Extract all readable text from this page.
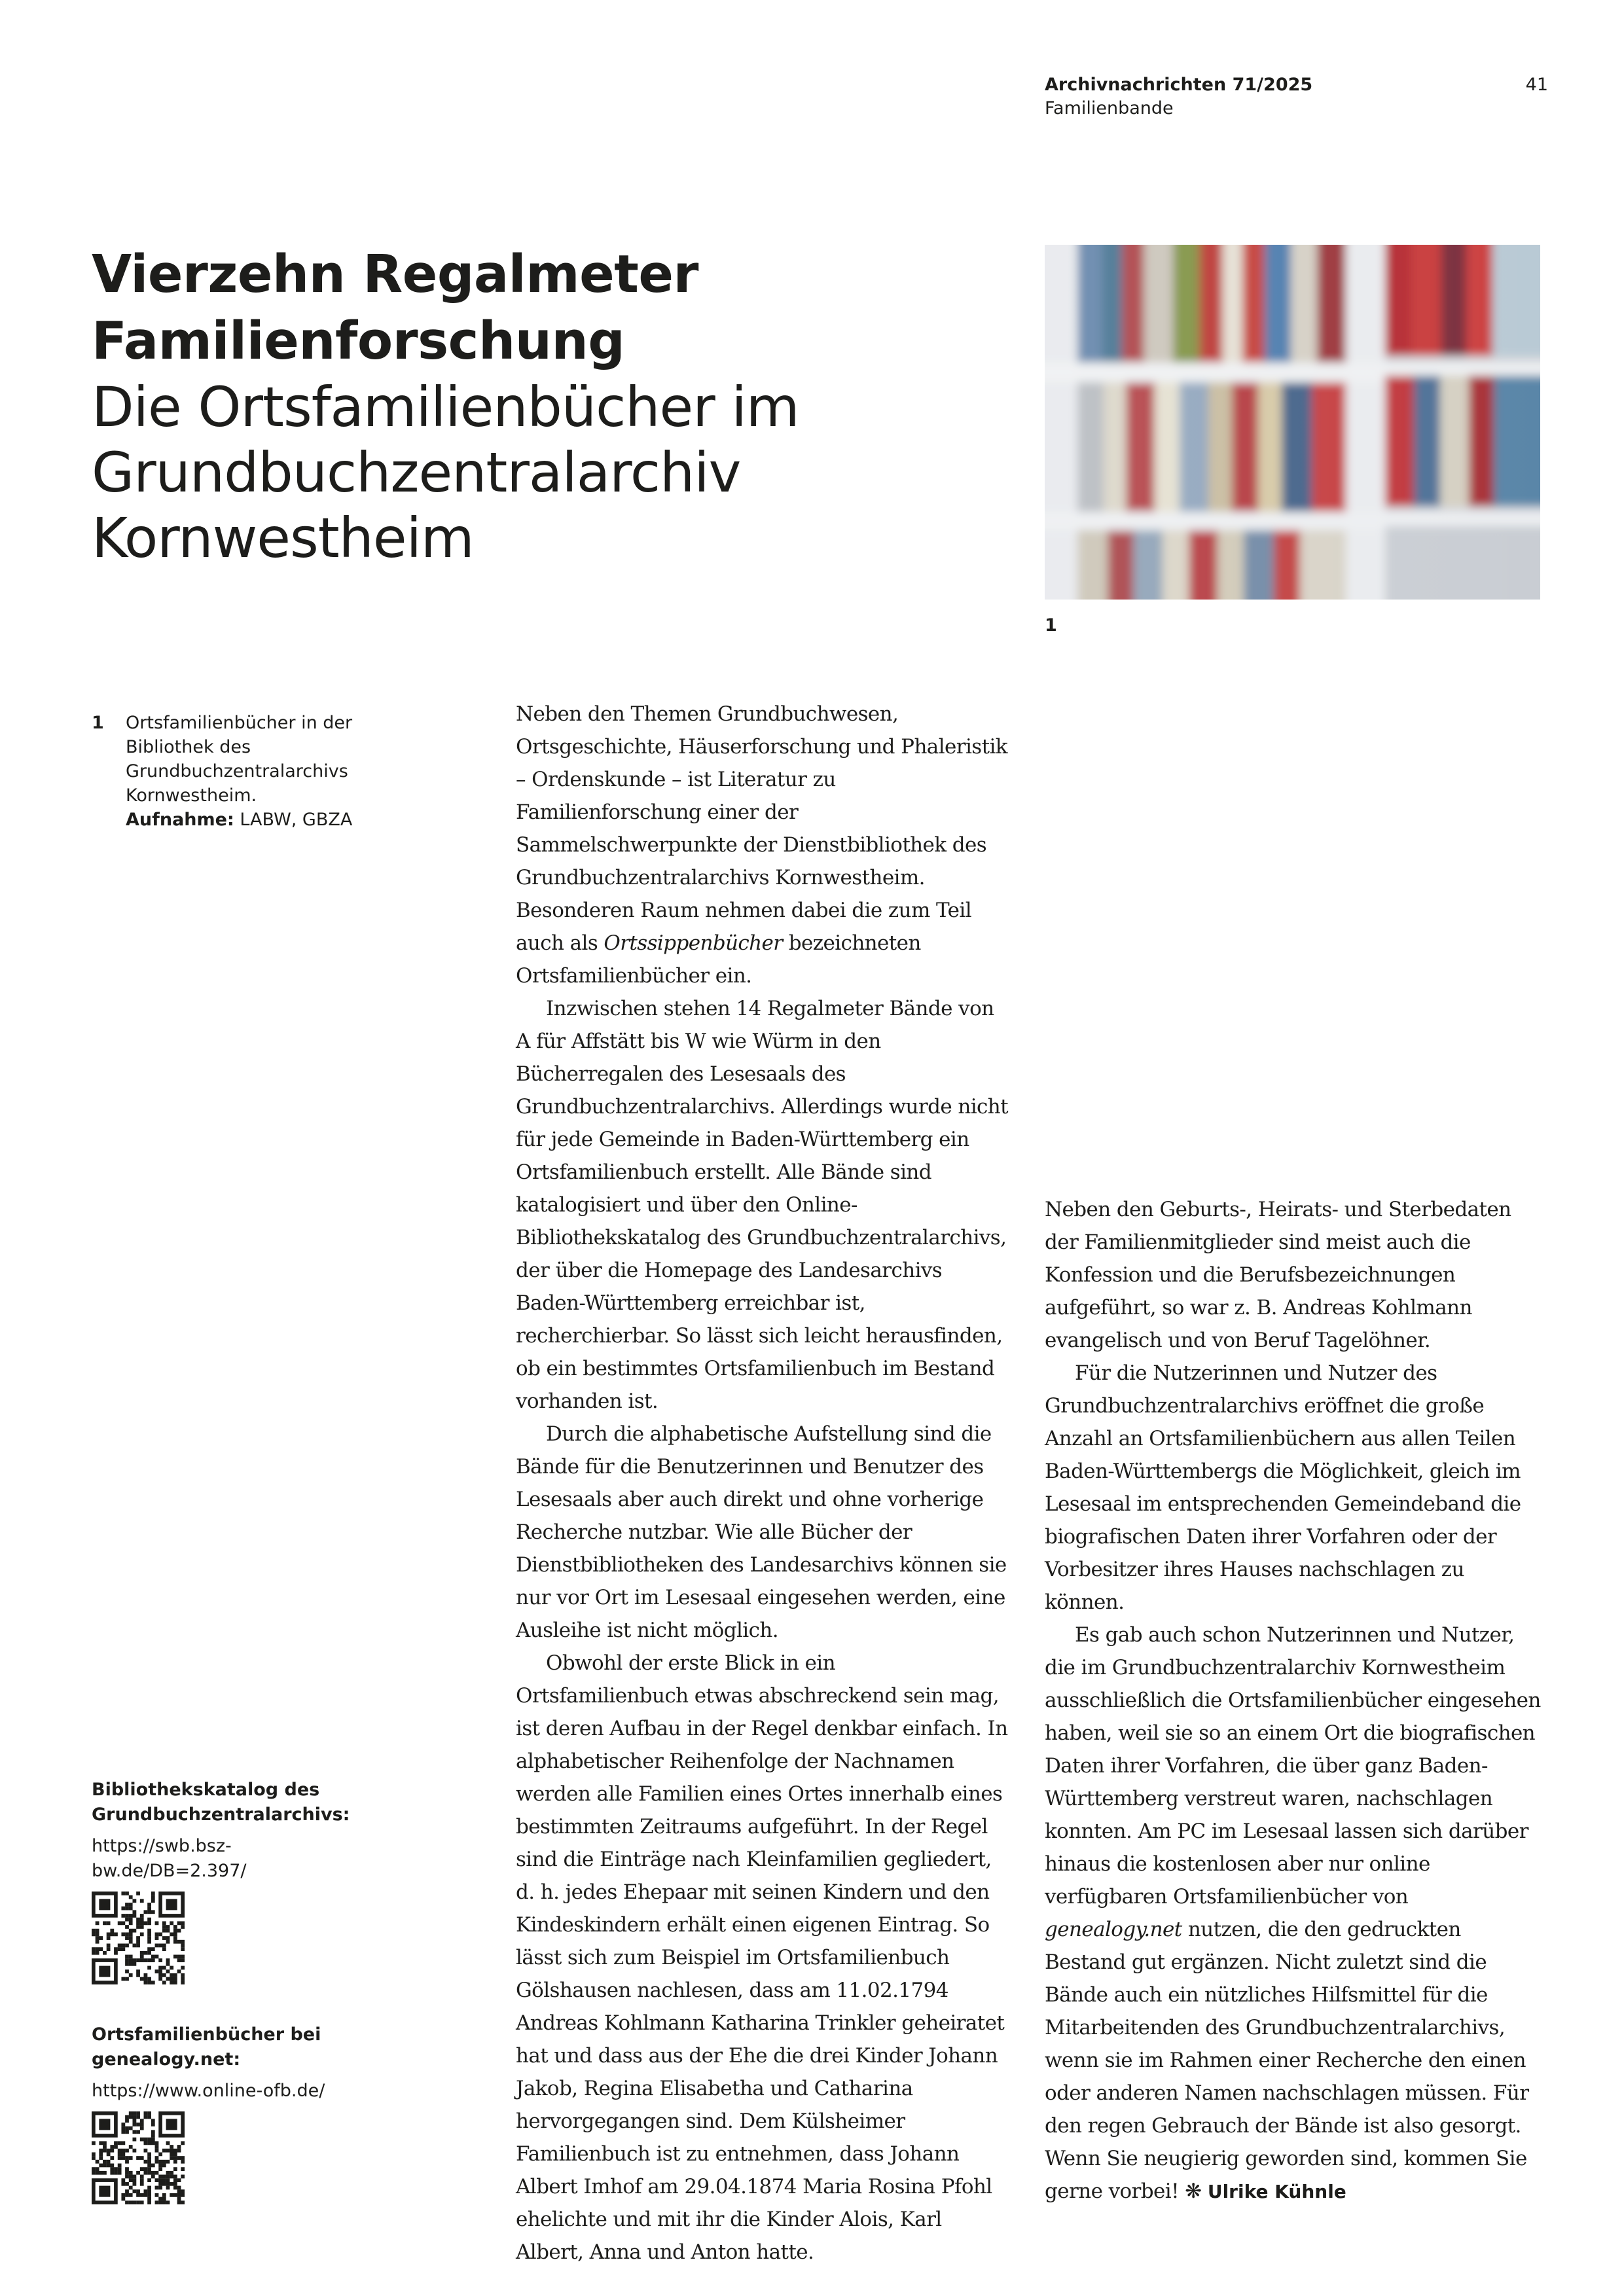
Archivnachrichten 71/2025
Familienbande
41
Vierzehn Regalmeter
Familienforschung
Die Ortsfamilienbücher im
Grundbuchzentralarchiv
Kornwestheim
1
1 Ortsfamilienbücher in der Bibliothek des Grundbuchzentralarchivs Kornwestheim.
Aufnahme: LABW, GBZA
Bibliothekskatalog des Grundbuchzentralarchivs:
https://swb.bsz-bw.de/DB=2.397/
Ortsfamilienbücher bei genealogy.net:
https://www.online-ofb.de/

Neben den Themen Grundbuchwesen, Ortsgeschichte, Häuserforschung und Phaleristik – Ordenskunde – ist Literatur zu Familienforschung einer der Sammelschwerpunkte der Dienstbibliothek des Grundbuchzentralarchivs Kornwestheim. Besonderen Raum nehmen dabei die zum Teil auch als Ortssippenbücher bezeichneten Ortsfamilienbücher ein.

Inzwischen stehen 14 Regalmeter Bände von A für Affstätt bis W wie Würm in den Bücherregalen des Lesesaals des Grundbuchzentralarchivs. Allerdings wurde nicht für jede Gemeinde in Baden-Württemberg ein Ortsfamilienbuch erstellt. Alle Bände sind katalogisiert und über den Online-Bibliothekskatalog des Grundbuchzentralarchivs, der über die Homepage des Landesarchivs Baden-Württemberg erreichbar ist, recherchierbar. So lässt sich leicht herausfinden, ob ein bestimmtes Ortsfamilienbuch im Bestand vorhanden ist.

Durch die alphabetische Aufstellung sind die Bände für die Benutzerinnen und Benutzer des Lesesaals aber auch direkt und ohne vorherige Recherche nutzbar. Wie alle Bücher der Dienstbibliotheken des Landesarchivs können sie nur vor Ort im Lesesaal eingesehen werden, eine Ausleihe ist nicht möglich.

Obwohl der erste Blick in ein Ortsfamilienbuch etwas abschreckend sein mag, ist deren Aufbau in der Regel denkbar einfach. In alphabetischer Reihenfolge der Nachnamen werden alle Familien eines Ortes innerhalb eines bestimmten Zeitraums aufgeführt. In der Regel sind die Einträge nach Kleinfamilien gegliedert, d. h. jedes Ehepaar mit seinen Kindern und den Kindeskindern erhält einen eigenen Eintrag. So lässt sich zum Beispiel im Ortsfamilienbuch Gölshausen nachlesen, dass am 11.02.1794 Andreas Kohlmann Katharina Trinkler geheiratet hat und dass aus der Ehe die drei Kinder Johann Jakob, Regina Elisabetha und Catharina hervorgegangen sind. Dem Külsheimer Familienbuch ist zu entnehmen, dass Johann Albert Imhof am 29.04.1874 Maria Rosina Pfohl ehelichte und mit ihr die Kinder Alois, Karl Albert, Anna und Anton hatte.

Neben den Geburts-, Heirats- und Sterbedaten der Familienmitglieder sind meist auch die Konfession und die Berufsbezeichnungen aufgeführt, so war z. B. Andreas Kohlmann evangelisch und von Beruf Tagelöhner.

Für die Nutzerinnen und Nutzer des Grundbuchzentralarchivs eröffnet die große Anzahl an Ortsfamilienbüchern aus allen Teilen Baden-Württembergs die Möglichkeit, gleich im Lesesaal im entsprechenden Gemeindeband die biografischen Daten ihrer Vorfahren oder der Vorbesitzer ihres Hauses nachschlagen zu können.

Es gab auch schon Nutzerinnen und Nutzer, die im Grundbuchzentralarchiv Kornwestheim ausschließlich die Ortsfamilienbücher eingesehen haben, weil sie so an einem Ort die biografischen Daten ihrer Vorfahren, die über ganz Baden-Württemberg verstreut waren, nachschlagen konnten. Am PC im Lesesaal lassen sich darüber hinaus die kostenlosen aber nur online verfügbaren Ortsfamilienbücher von genealogy.net nutzen, die den gedruckten Bestand gut ergänzen. Nicht zuletzt sind die Bände auch ein nützliches Hilfsmittel für die Mitarbeitenden des Grundbuchzentralarchivs, wenn sie im Rahmen einer Recherche den einen oder anderen Namen nachschlagen müssen. Für den regen Gebrauch der Bände ist also gesorgt. Wenn Sie neugierig geworden sind, kommen Sie gerne vorbei! ❋ Ulrike Kühnle
